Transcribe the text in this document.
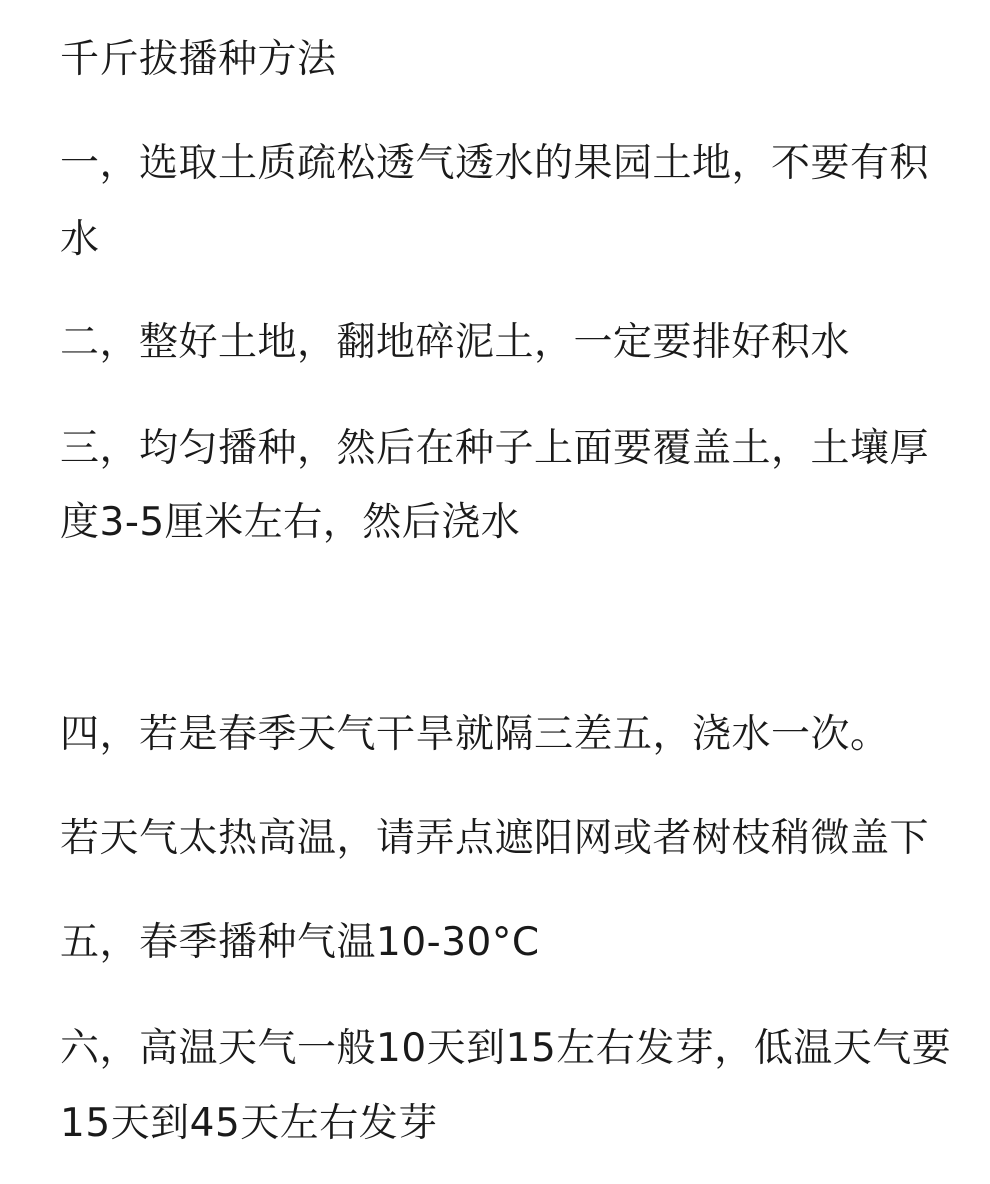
千斤拔播种方法
一，选取土质疏松透气透水的果园土地，不要有积
水
二，整好土地，翻地碎泥土，一定要排好积水
三，均匀播种，然后在种子上面要覆盖土，土壤厚
度3-5厘米左右，然后浇水
四，若是春季天气干旱就隔三差五，浇水一次。
若天气太热高温，请弄点遮阳网或者树枝稍微盖下
五，春季播种气温10-30°C
六，高温天气一般10天到15左右发芽，低温天气要
15天到45天左右发芽
